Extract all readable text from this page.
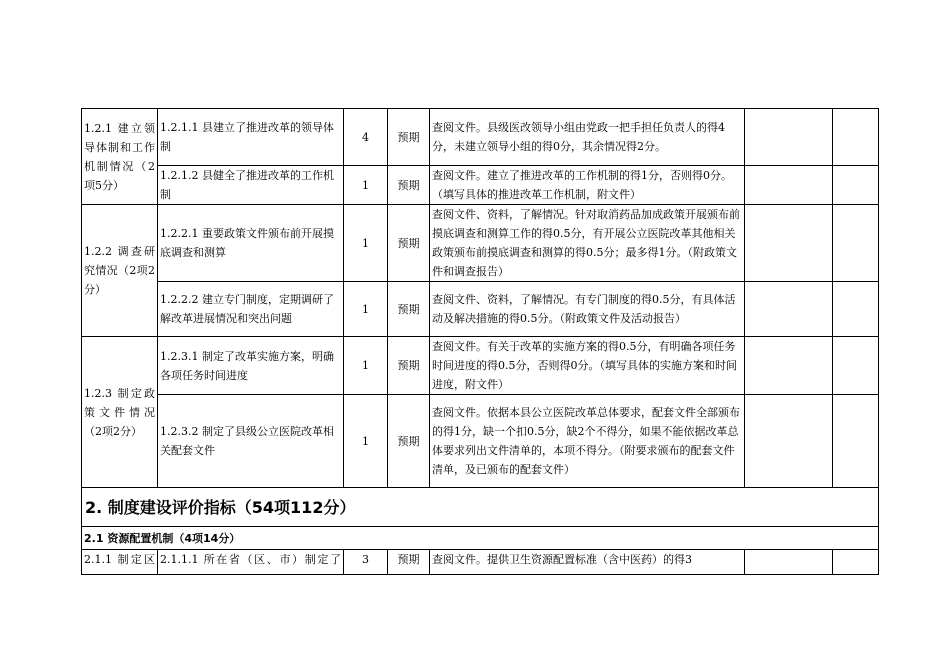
1.2.1 建立领导体制和工作机制情况（2项5分）	1.2.1.1 县建立了推进改革的领导体制	4	预期	查阅文件。县级医改领导小组由党政一把手担任负责人的得4分，未建立领导小组的得0分，其余情况得2分。		
	1.2.1.2 县健全了推进改革的工作机制	1	预期	查阅文件。建立了推进改革的工作机制的得1分，否则得0分。（填写具体的推进改革工作机制，附文件）		
1.2.2 调查研究情况（2项2分）	1.2.2.1 重要政策文件颁布前开展摸底调查和测算	1	预期	查阅文件、资料，了解情况。针对取消药品加成政策开展颁布前摸底调查和测算工作的得0.5分，有开展公立医院改革其他相关政策颁布前摸底调查和测算的得0.5分；最多得1分。（附政策文件和调查报告）		
	1.2.2.2 建立专门制度，定期调研了解改革进展情况和突出问题	1	预期	查阅文件、资料，了解情况。有专门制度的得0.5分，有具体活动及解决措施的得0.5分。（附政策文件及活动报告）		
1.2.3 制定政策文件情况（2项2分）	1.2.3.1 制定了改革实施方案，明确各项任务时间进度	1	预期	查阅文件。有关于改革的实施方案的得0.5分，有明确各项任务时间进度的得0.5分，否则得0分。（填写具体的实施方案和时间进度，附文件）		
	1.2.3.2 制定了县级公立医院改革相关配套文件	1	预期	查阅文件。依据本县公立医院改革总体要求，配套文件全部颁布的得1分，缺一个扣0.5分，缺2个不得分，如果不能依据改革总体要求列出文件清单的，本项不得分。（附要求颁布的配套文件清单，及已颁布的配套文件）		
2. 制度建设评价指标（54项112分）						
2.1 资源配置机制（4项14分）						
2.1.1 制定区	2.1.1.1 所在省（区、市）制定了	3	预期	查阅文件。提供卫生资源配置标准（含中医药）的得3		
